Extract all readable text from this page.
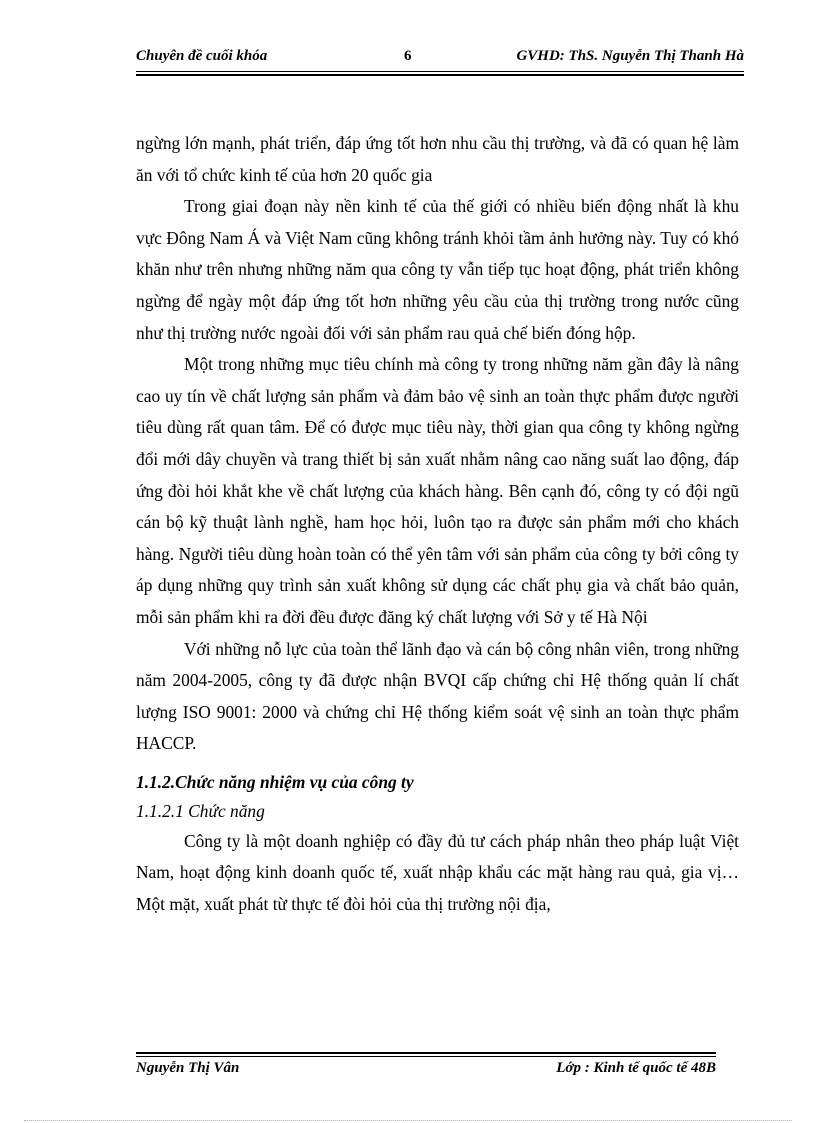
Chuyên đề cuối khóa	6	GVHD: ThS. Nguyễn Thị Thanh Hà

ngừng lớn mạnh, phát triển, đáp ứng tốt hơn nhu cầu thị trường, và đã có quan hệ làm ăn với tổ chức kinh tế của hơn 20 quốc gia

Trong giai đoạn này nền kinh tế của thế giới có nhiều biến động nhất là khu vực Đông Nam Á và Việt Nam cũng không tránh khỏi tầm ảnh hưởng này. Tuy có khó khăn như trên nhưng những năm qua công ty vẫn tiếp tục hoạt động, phát triển không ngừng để ngày một đáp ứng tốt hơn những yêu cầu của thị trường trong nước cũng như thị trường nước ngoài đối với sản phẩm rau quả chế biến đóng hộp.

Một trong những mục tiêu chính mà công ty trong những năm gần đây là nâng cao uy tín về chất lượng sản phẩm và đảm bảo vệ sinh an toàn thực phẩm được người tiêu dùng rất quan tâm. Để có được mục tiêu này, thời gian qua công ty không ngừng đổi mới dây chuyền và trang thiết bị sản xuất nhằm nâng cao năng suất lao động, đáp ứng đòi hỏi khắt khe về chất lượng của khách hàng. Bên cạnh đó, công ty có đội ngũ cán bộ kỹ thuật lành nghề, ham học hỏi, luôn tạo ra được sản phẩm mới cho khách hàng. Người tiêu dùng hoàn toàn có thể yên tâm với sản phẩm của công ty bởi công ty áp dụng những quy trình sản xuất không sử dụng các chất phụ gia và chất bảo quản, mỗi sản phẩm khi ra đời đều được đăng ký chất lượng với Sở y tế Hà Nội

Với những nỗ lực của toàn thể lãnh đạo và cán bộ công nhân viên, trong những năm 2004-2005, công ty đã được nhận BVQI cấp chứng chỉ Hệ thống quản lí chất lượng ISO 9001: 2000 và chứng chỉ Hệ thống kiểm soát vệ sinh an toàn thực phẩm HACCP.

1.1.2.Chức năng nhiệm vụ của công ty

1.1.2.1 Chức năng

Công ty là một doanh nghiệp có đầy đủ tư cách pháp nhân theo pháp luật Việt Nam, hoạt động kinh doanh quốc tế, xuất nhập khẩu các mặt hàng rau quả, gia vị…Một mặt, xuất phát từ thực tế đòi hỏi của thị trường nội địa,

Nguyễn Thị Vân	Lớp : Kinh tế quốc tế 48B
